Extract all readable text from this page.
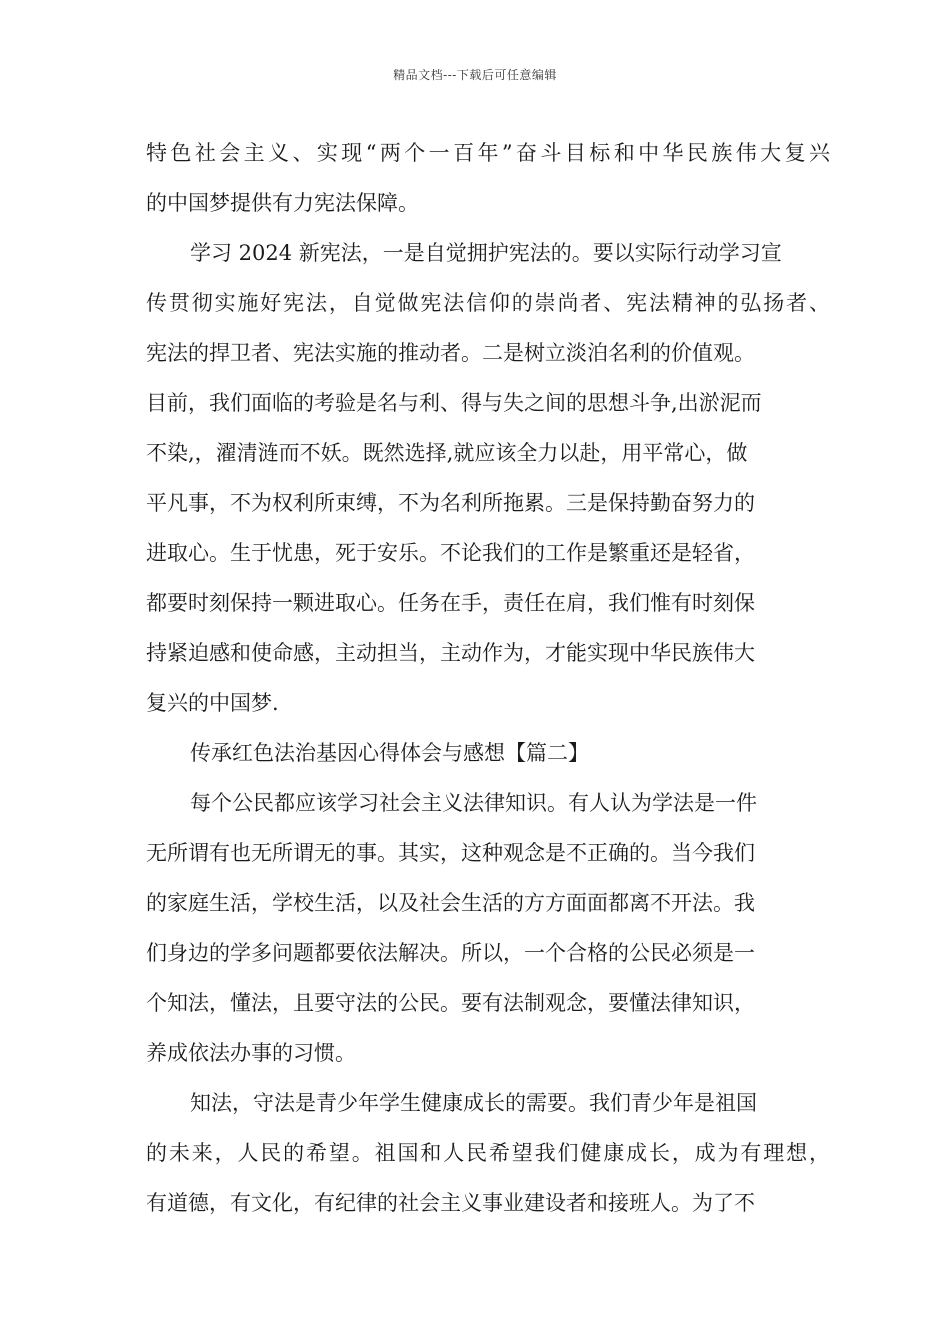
精品文档---下载后可任意编辑
特色社会主义、实现“两个一百年”奋斗目标和中华民族伟大复兴
的中国梦提供有力宪法保障。
学习 2024 新宪法，一是自觉拥护宪法的。要以实际行动学习宣
传贯彻实施好宪法，自觉做宪法信仰的崇尚者、宪法精神的弘扬者、
宪法的捍卫者、宪法实施的推动者。二是树立淡泊名利的价值观。
目前，我们面临的考验是名与利、得与失之间的思想斗争,出淤泥而
不染,，濯清涟而不妖。既然选择,就应该全力以赴，用平常心，做
平凡事，不为权利所束缚，不为名利所拖累。三是保持勤奋努力的
进取心。生于忧患，死于安乐。不论我们的工作是繁重还是轻省，
都要时刻保持一颗进取心。任务在手，责任在肩，我们惟有时刻保
持紧迫感和使命感，主动担当，主动作为，才能实现中华民族伟大
复兴的中国梦.
传承红色法治基因心得体会与感想【篇二】
每个公民都应该学习社会主义法律知识。有人认为学法是一件
无所谓有也无所谓无的事。其实，这种观念是不正确的。当今我们
的家庭生活，学校生活，以及社会生活的方方面面都离不开法。我
们身边的学多问题都要依法解决。所以，一个合格的公民必须是一
个知法，懂法，且要守法的公民。要有法制观念，要懂法律知识，
养成依法办事的习惯。
知法，守法是青少年学生健康成长的需要。我们青少年是祖国
的未来，人民的希望。祖国和人民希望我们健康成长，成为有理想，
有道德，有文化，有纪律的社会主义事业建设者和接班人。为了不
